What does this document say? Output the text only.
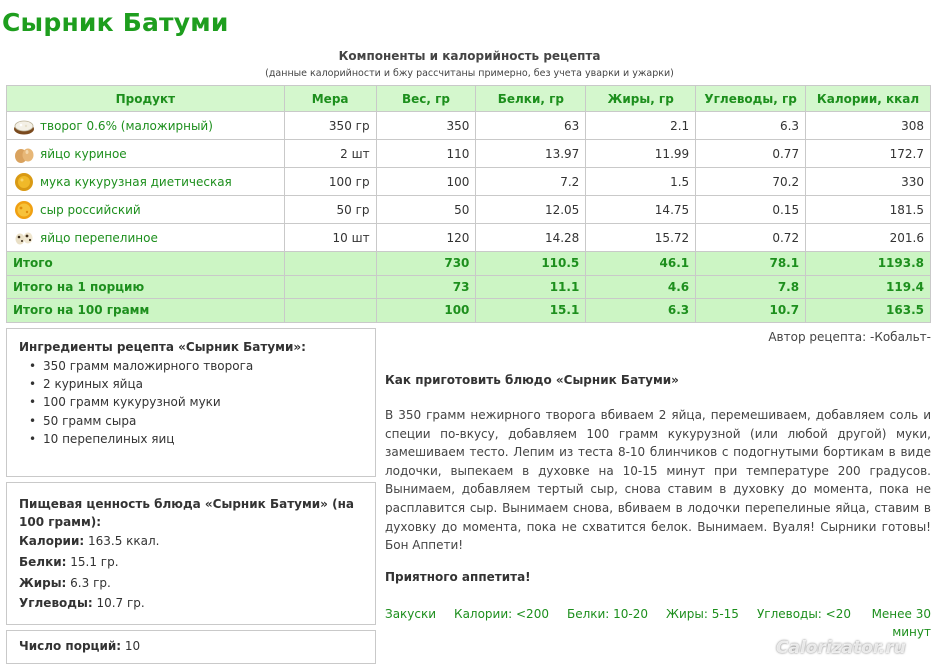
Сырник Батуми
Компоненты и калорийность рецепта
(данные калорийности и бжу рассчитаны примерно, без учета уварки и ужарки)
Продукт	Мера	Вес, гр	Белки, гр	Жиры, гр	Углеводы, гр	Калории, ккал

творог 0.6% (маложирный)	350 гр	350	63	2.1	6.3	308

яйцо куриное	2 шт	110	13.97	11.99	0.77	172.7

мука кукурузная диетическая	100 гр	100	7.2	1.5	70.2	330

сыр российский	50 гр	50	12.05	14.75	0.15	181.5

яйцо перепелиное	10 шт	120	14.28	15.72	0.72	201.6
Итого		730	110.5	46.1	78.1	1193.8
Итого на 1 порцию		73	11.1	4.6	7.8	119.4
Итого на 100 грамм		100	15.1	6.3	10.7	163.5
Ингредиенты рецепта «Сырник Батуми»:
• 350 грамм маложирного творога
• 2 куриных яйца
• 100 грамм кукурузной муки
• 50 грамм сыра
• 10 перепелиных яиц
Пищевая ценность блюда «Сырник Батуми» (на 100 грамм):
Калории: 163.5 ккал.
Белки: 15.1 гр.
Жиры: 6.3 гр.
Углеводы: 10.7 гр.
Число порций: 10
Автор рецепта: -Кобальт-
Как приготовить блюдо «Сырник Батуми»
В 350 грамм нежирного творога вбиваем 2 яйца, перемешиваем, добавляем соль и специи по-вкусу, добавляем 100 грамм кукурузной (или любой другой) муки, замешиваем тесто. Лепим из теста 8-10 блинчиков с подогнутыми бортикам в виде лодочки, выпекаем в духовке на 10-15 минут при температуре 200 градусов. Вынимаем, добавляем тертый сыр, снова ставим в духовку до момента, пока не расплавится сыр. Вынимаем снова, вбиваем в лодочки перепелиные яйца, ставим в духовку до момента, пока не схватится белок. Вынимаем. Вуаля! Сырники готовы! Бон Аппети!
Приятного аппетита!
Закуски Калории: <200 Белки: 10-20 Жиры: 5-15 Углеводы: <20 Менее 30 минут
Calorizator.ru
